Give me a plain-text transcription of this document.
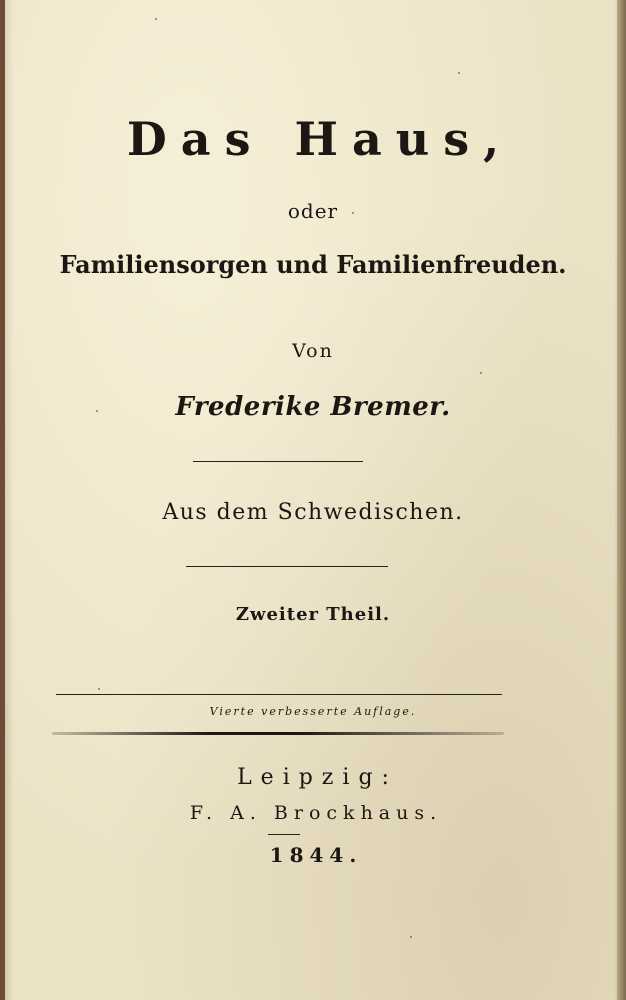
Das Haus,
oder
Familiensorgen und Familienfreuden.
Von
Frederike Bremer.
Aus dem Schwedischen.
Zweiter Theil.
Vierte verbesserte Auflage.
Leipzig:
F. A. Brockhaus.
1844.
